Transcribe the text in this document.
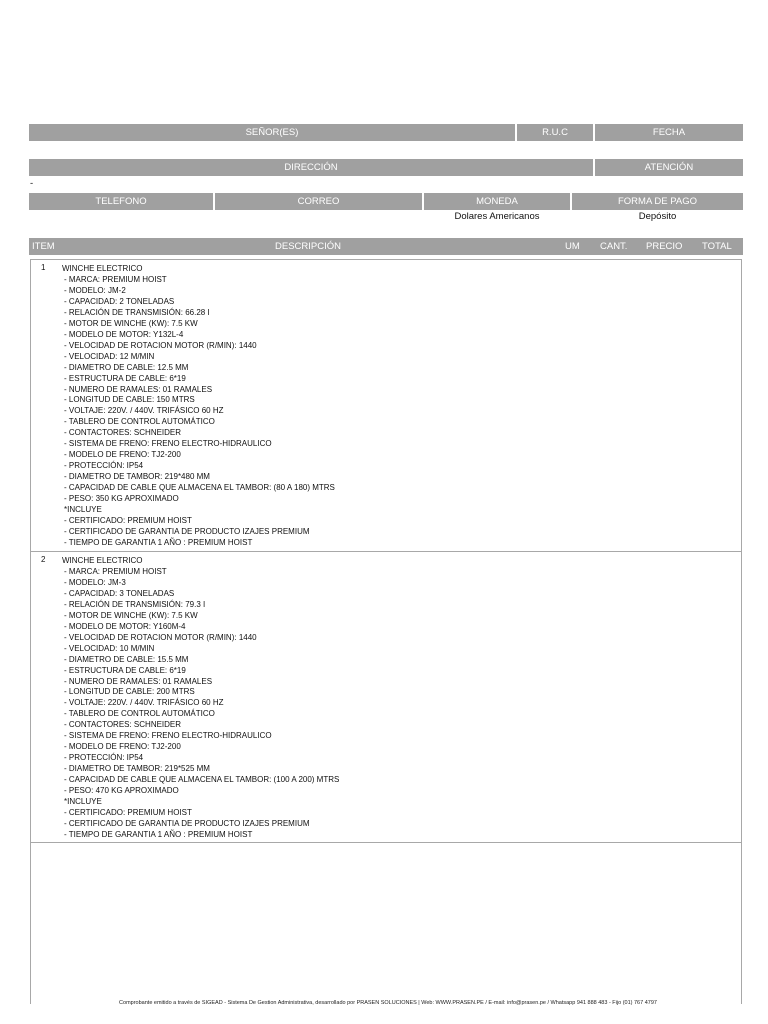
SEÑOR(ES)	R.U.C	FECHA
DIRECCIÓN	ATENCIÓN
-
TELEFONO	CORREO	MONEDA	FORMA DE PAGO
Dolares Americanos	Depósito
ITEM	DESCRIPCIÓN	UM CANT. PRECIO TOTAL
1 WINCHE ELECTRICO
- MARCA: PREMIUM HOIST
- MODELO: JM-2
- CAPACIDAD: 2 TONELADAS
- RELACIÓN DE TRANSMISIÓN: 66.28 I
- MOTOR DE WINCHE (KW): 7.5 KW
- MODELO DE MOTOR: Y132L-4
- VELOCIDAD DE ROTACION MOTOR (R/MIN): 1440
- VELOCIDAD: 12 M/MIN
- DIAMETRO DE CABLE: 12.5 MM
- ESTRUCTURA DE CABLE: 6*19
- NUMERO DE RAMALES: 01 RAMALES
- LONGITUD DE CABLE: 150 MTRS
- VOLTAJE: 220V. / 440V. TRIFÁSICO 60 HZ
- TABLERO DE CONTROL AUTOMÁTICO
- CONTACTORES: SCHNEIDER
- SISTEMA DE FRENO: FRENO ELECTRO-HIDRAULICO
- MODELO DE FRENO: TJ2-200
- PROTECCIÓN: IP54
- DIAMETRO DE TAMBOR: 219*480 MM
- CAPACIDAD DE CABLE QUE ALMACENA EL TAMBOR: (80 A 180) MTRS
- PESO: 350 KG APROXIMADO
*INCLUYE
- CERTIFICADO: PREMIUM HOIST
- CERTIFICADO DE GARANTIA DE PRODUCTO IZAJES PREMIUM
- TIEMPO DE GARANTIA 1 AÑO : PREMIUM HOIST
2 WINCHE ELECTRICO
- MARCA: PREMIUM HOIST
- MODELO: JM-3
- CAPACIDAD: 3 TONELADAS
- RELACIÓN DE TRANSMISIÓN: 79.3 I
- MOTOR DE WINCHE (KW): 7.5 KW
- MODELO DE MOTOR: Y160M-4
- VELOCIDAD DE ROTACION MOTOR (R/MIN): 1440
- VELOCIDAD: 10 M/MIN
- DIAMETRO DE CABLE: 15.5 MM
- ESTRUCTURA DE CABLE: 6*19
- NUMERO DE RAMALES: 01 RAMALES
- LONGITUD DE CABLE: 200 MTRS
- VOLTAJE: 220V. / 440V. TRIFÁSICO 60 HZ
- TABLERO DE CONTROL AUTOMÁTICO
- CONTACTORES: SCHNEIDER
- SISTEMA DE FRENO: FRENO ELECTRO-HIDRAULICO
- MODELO DE FRENO: TJ2-200
- PROTECCIÓN: IP54
- DIAMETRO DE TAMBOR: 219*525 MM
- CAPACIDAD DE CABLE QUE ALMACENA EL TAMBOR: (100 A 200) MTRS
- PESO: 470 KG APROXIMADO
*INCLUYE
- CERTIFICADO: PREMIUM HOIST
- CERTIFICADO DE GARANTIA DE PRODUCTO IZAJES PREMIUM
- TIEMPO DE GARANTIA 1 AÑO : PREMIUM HOIST
Comprobante emitido a través de SIGEAD - Sistema De Gestion Administrativa, desarrollado por PRASEN SOLUCIONES | Web: WWW.PRASEN.PE / E-mail: info@prasen.pe / Whatsapp 941 888 483 - Fijo (01) 767 4797
